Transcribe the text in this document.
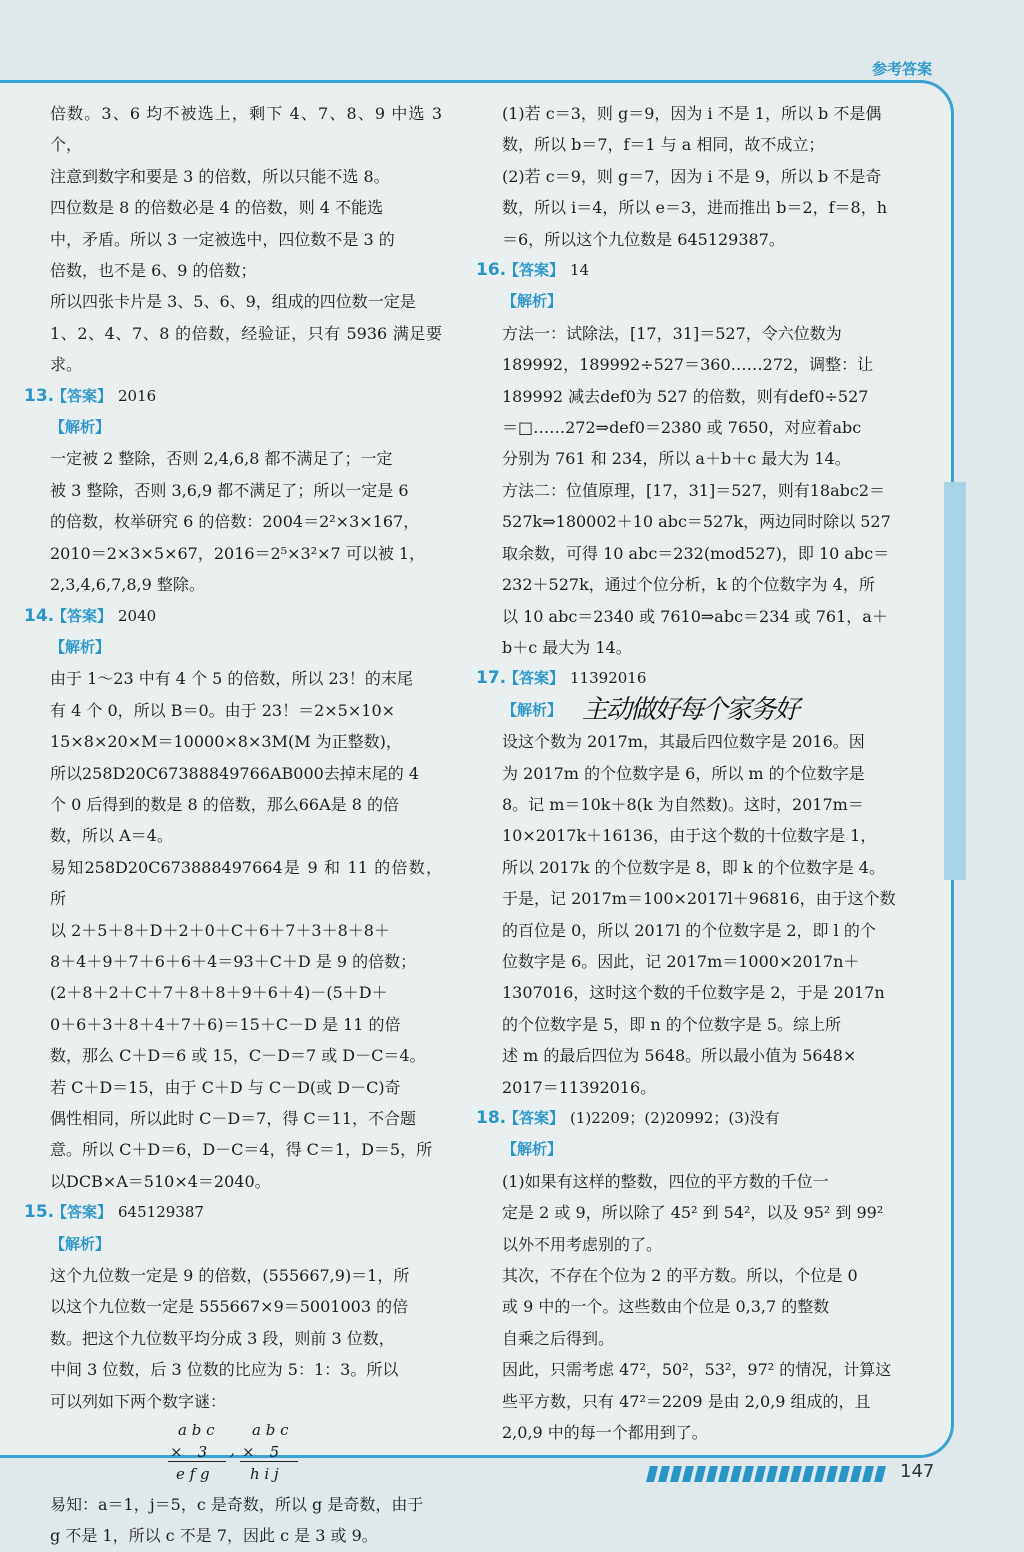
参考答案

倍数。3、6 均不被选上，剩下 4、7、8、9 中选 3 个，

注意到数字和要是 3 的倍数，所以只能不选 8。

四位数是 8 的倍数必是 4 的倍数，则 4 不能选

中，矛盾。所以 3 一定被选中，四位数不是 3 的

倍数，也不是 6、9 的倍数；

所以四张卡片是 3、5、6、9，组成的四位数一定是

1、2、4、7、8 的倍数，经验证，只有 5936 满足要求。

13.
【答案】 2016
【解析】

一定被 2 整除，否则 2,4,6,8 都不满足了；一定

被 3 整除，否则 3,6,9 都不满足了；所以一定是 6

的倍数，枚举研究 6 的倍数：2004＝2²×3×167，

2010＝2×3×5×67，2016＝2⁵×3²×7 可以被 1，

2,3,4,6,7,8,9 整除。

14.
【答案】 2040
【解析】

由于 1～23 中有 4 个 5 的倍数，所以 23！的末尾

有 4 个 0，所以 B＝0。由于 23！＝2×5×10×

15×8×20×M＝10000×8×3M(M 为正整数)，

所以258D20C67388849766AB000去掉末尾的 4

个 0 后得到的数是 8 的倍数，那么66A是 8 的倍

数，所以 A＝4。

易知258D20C673888497664是 9 和 11 的倍数，所

以 2＋5＋8＋D＋2＋0＋C＋6＋7＋3＋8＋8＋

8＋4＋9＋7＋6＋6＋4＝93＋C＋D 是 9 的倍数；

(2＋8＋2＋C＋7＋8＋8＋9＋6＋4)－(5＋D＋

0＋6＋3＋8＋4＋7＋6)＝15＋C－D 是 11 的倍

数，那么 C＋D＝6 或 15，C－D＝7 或 D－C＝4。

若 C＋D＝15，由于 C＋D 与 C－D(或 D－C)奇

偶性相同，所以此时 C－D＝7，得 C＝11，不合题

意。所以 C＋D＝6，D－C＝4，得 C＝1，D＝5，所

以DCB×A＝510×4＝2040。

15.
【答案】 645129387
【解析】

这个九位数一定是 9 的倍数，(555667,9)＝1，所

以这个九位数一定是 555667×9＝5001003 的倍

数。把这个九位数平均分成 3 段，则前 3 位数，

中间 3 位数，后 3 位数的比应为 5：1：3。所以

可以列如下两个数字谜：

a b c
×　3
e f g
,
a b c
×　5
h i j

易知：a＝1，j＝5，c 是奇数，所以 g 是奇数，由于

g 不是 1，所以 c 不是 7，因此 c 是 3 或 9。

(1)若 c＝3，则 g＝9，因为 i 不是 1，所以 b 不是偶

数，所以 b＝7，f＝1 与 a 相同，故不成立；

(2)若 c＝9，则 g＝7，因为 i 不是 9，所以 b 不是奇

数，所以 i＝4，所以 e＝3，进而推出 b＝2，f＝8，h

＝6，所以这个九位数是 645129387。

16.
【答案】 14
【解析】

方法一：试除法，[17，31]＝527，令六位数为

189992，189992÷527＝360……272，调整：让

189992 减去def0为 527 的倍数，则有def0÷527

＝□……272⇒def0＝2380 或 7650，对应着abc

分别为 761 和 234，所以 a＋b＋c 最大为 14。

方法二：位值原理，[17，31]＝527，则有18abc2＝

527k⇒180002＋10 abc＝527k，两边同时除以 527

取余数，可得 10 abc＝232(mod527)，即 10 abc＝

232＋527k，通过个位分析，k 的个位数字为 4，所

以 10 abc＝2340 或 7610⇒abc＝234 或 761，a＋

b＋c 最大为 14。

17.
【答案】 11392016
【解析】 主动做好每个家务好

设这个数为 2017m，其最后四位数字是 2016。因

为 2017m 的个位数字是 6，所以 m 的个位数字是

8。记 m＝10k＋8(k 为自然数)。这时，2017m＝

10×2017k＋16136，由于这个数的十位数字是 1，

所以 2017k 的个位数字是 8，即 k 的个位数字是 4。

于是，记 2017m＝100×2017l＋96816，由于这个数

的百位是 0，所以 2017l 的个位数字是 2，即 l 的个

位数字是 6。因此，记 2017m＝1000×2017n＋

1307016，这时这个数的千位数字是 2，于是 2017n

的个位数字是 5，即 n 的个位数字是 5。综上所

述 m 的最后四位为 5648。所以最小值为 5648×

2017＝11392016。

18.
【答案】 (1)2209；(2)20992；(3)没有
【解析】

(1)如果有这样的整数，四位的平方数的千位一

定是 2 或 9，所以除了 45² 到 54²，以及 95² 到 99²

以外不用考虑别的了。

其次，不存在个位为 2 的平方数。所以，个位是 0

或 9 中的一个。这些数由个位是 0,3,7 的整数

自乘之后得到。

因此，只需考虑 47²，50²，53²，97² 的情况，计算这

些平方数，只有 47²＝2209 是由 2,0,9 组成的，且

2,0,9 中的每一个都用到了。

147
